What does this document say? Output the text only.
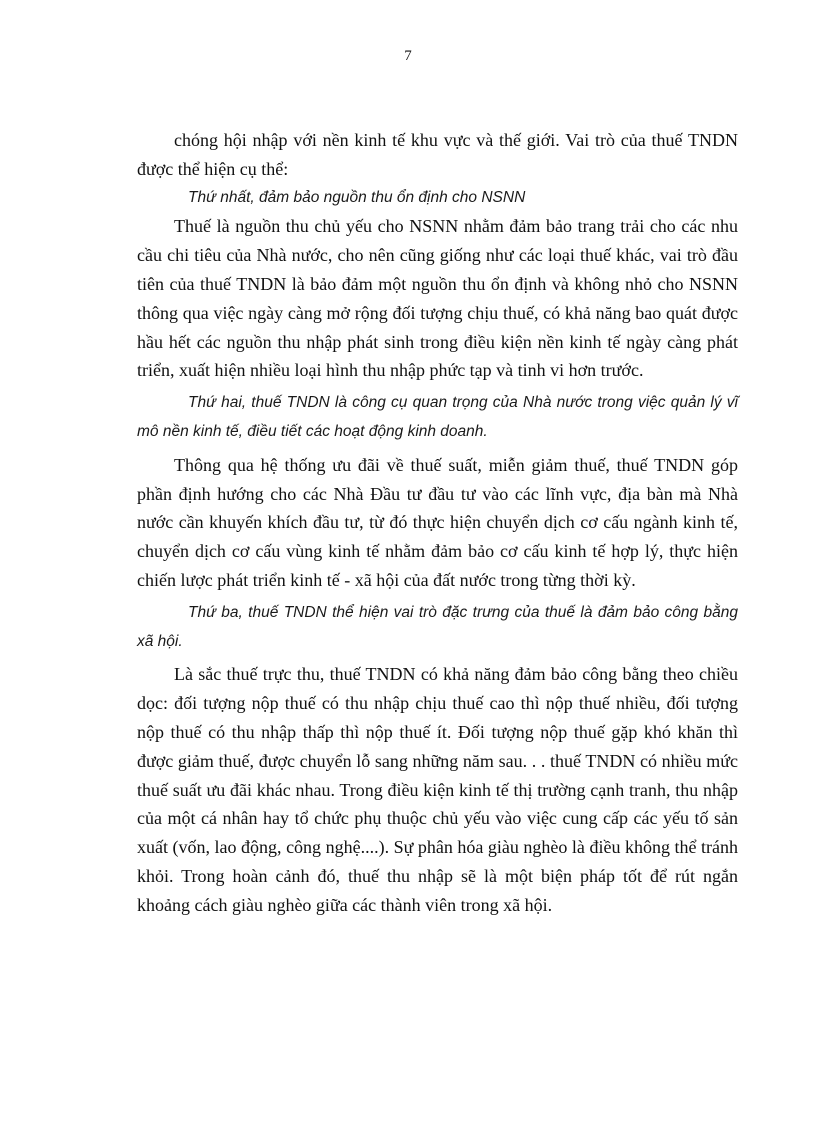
7

chóng hội nhập với nền kinh tế khu vực và thế giới. Vai trò của thuế TNDN được thể hiện cụ thể:

Thứ nhất, đảm bảo nguồn thu ổn định cho NSNN

Thuế là nguồn thu chủ yếu cho NSNN nhằm đảm bảo trang trải cho các nhu cầu chi tiêu của Nhà nước, cho nên cũng giống như các loại thuế khác, vai trò đầu tiên của thuế TNDN là bảo đảm một nguồn thu ổn định và không nhỏ cho NSNN thông qua việc ngày càng mở rộng đối tượng chịu thuế, có khả năng bao quát được hầu hết các nguồn thu nhập phát sinh trong điều kiện nền kinh tế ngày càng phát triển, xuất hiện nhiều loại hình thu nhập phức tạp và tinh vi hơn trước.

Thứ hai, thuế TNDN là công cụ quan trọng của Nhà nước trong việc quản lý vĩ mô nền kinh tế, điều tiết các hoạt động kinh doanh.

Thông qua hệ thống ưu đãi về thuế suất, miễn giảm thuế, thuế TNDN góp phần định hướng cho các Nhà Đầu tư đầu tư vào các lĩnh vực, địa bàn mà Nhà nước cần khuyến khích đầu tư, từ đó thực hiện chuyển dịch cơ cấu ngành kinh tế, chuyển dịch cơ cấu vùng kinh tế nhằm đảm bảo cơ cấu kinh tế hợp lý, thực hiện chiến lược phát triển kinh tế - xã hội của đất nước trong từng thời kỳ.

Thứ ba, thuế TNDN thể hiện vai trò đặc trưng của thuế là đảm bảo công bằng xã hội.

Là sắc thuế trực thu, thuế TNDN có khả năng đảm bảo công bằng theo chiều dọc: đối tượng nộp thuế có thu nhập chịu thuế cao thì nộp thuế nhiều, đối tượng nộp thuế có thu nhập thấp thì nộp thuế ít. Đối tượng nộp thuế gặp khó khăn thì được giảm thuế, được chuyển lỗ sang những năm sau. . . thuế TNDN có nhiều mức thuế suất ưu đãi khác nhau. Trong điều kiện kinh tế thị trường cạnh tranh, thu nhập của một cá nhân hay tổ chức phụ thuộc chủ yếu vào việc cung cấp các yếu tố sản xuất (vốn, lao động, công nghệ....). Sự phân hóa giàu nghèo là điều không thể tránh khỏi. Trong hoàn cảnh đó, thuế thu nhập sẽ là một biện pháp tốt để rút ngắn khoảng cách giàu nghèo giữa các thành viên trong xã hội.
